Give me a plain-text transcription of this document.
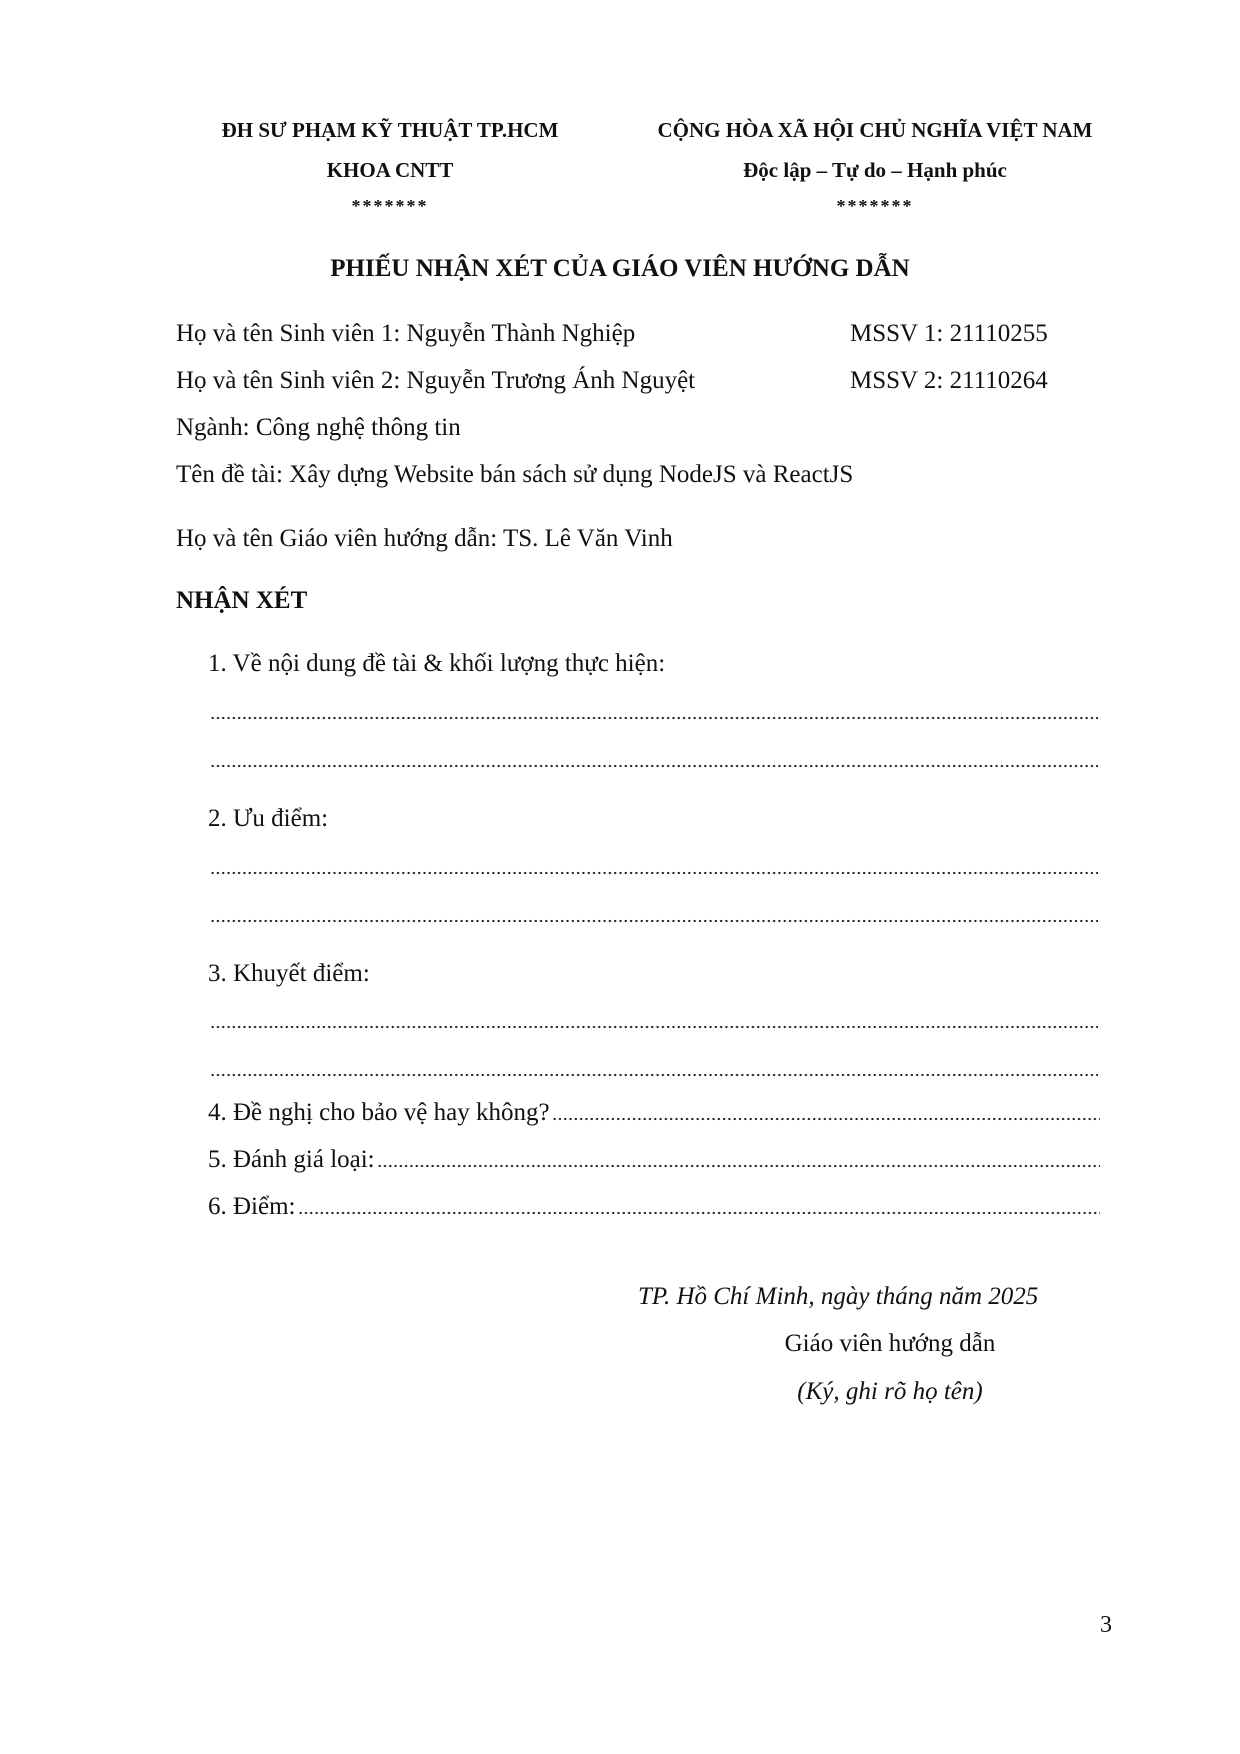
ĐH SƯ PHẠM KỸ THUẬT TP.HCM
KHOA CNTT
*******
CỘNG HÒA XÃ HỘI CHỦ NGHĨA VIỆT NAM
Độc lập – Tự do – Hạnh phúc
*******
PHIẾU NHẬN XÉT CỦA GIÁO VIÊN HƯỚNG DẪN
Họ và tên Sinh viên 1: Nguyễn Thành Nghiệp	MSSV 1: 21110255
Họ và tên Sinh viên 2: Nguyễn Trương Ánh Nguyệt	MSSV 2: 21110264
Ngành: Công nghệ thông tin
Tên đề tài: Xây dựng Website bán sách sử dụng NodeJS và ReactJS
Họ và tên Giáo viên hướng dẫn: TS. Lê Văn Vinh
NHẬN XÉT
1. Về nội dung đề tài & khối lượng thực hiện:
2. Ưu điểm:
3. Khuyết điểm:
4. Đề nghị cho bảo vệ hay không?
5. Đánh giá loại:
6. Điểm:
TP. Hồ Chí Minh, ngày tháng năm 2025
Giáo viên hướng dẫn
(Ký, ghi rõ họ tên)
3
